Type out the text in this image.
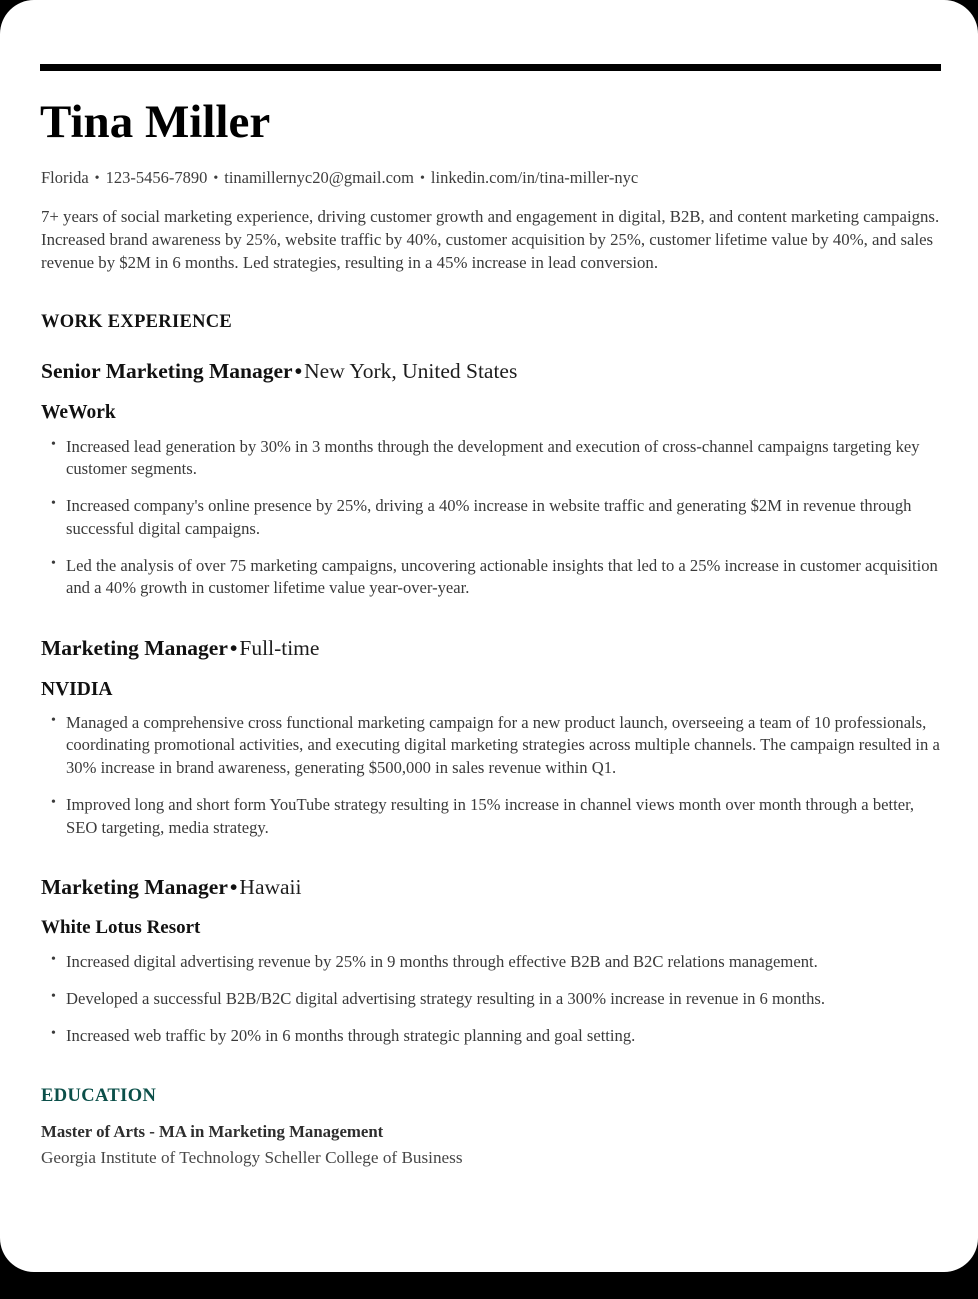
Tina Miller
Florida • 123-5456-7890 • tinamillernyc20@gmail.com • linkedin.com/in/tina-miller-nyc
7+ years of social marketing experience, driving customer growth and engagement in digital, B2B, and content marketing campaigns. Increased brand awareness by 25%, website traffic by 40%, customer acquisition by 25%, customer lifetime value by 40%, and sales revenue by $2M in 6 months. Led strategies, resulting in a 45% increase in lead conversion.
WORK EXPERIENCE
Senior Marketing Manager•New York, United States
WeWork
• Increased lead generation by 30% in 3 months through the development and execution of cross-channel campaigns targeting key customer segments.
• Increased company's online presence by 25%, driving a 40% increase in website traffic and generating $2M in revenue through successful digital campaigns.
• Led the analysis of over 75 marketing campaigns, uncovering actionable insights that led to a 25% increase in customer acquisition and a 40% growth in customer lifetime value year-over-year.
Marketing Manager•Full-time
NVIDIA
• Managed a comprehensive cross functional marketing campaign for a new product launch, overseeing a team of 10 professionals, coordinating promotional activities, and executing digital marketing strategies across multiple channels. The campaign resulted in a 30% increase in brand awareness, generating $500,000 in sales revenue within Q1.
• Improved long and short form YouTube strategy resulting in 15% increase in channel views month over month through a better, SEO targeting, media strategy.
Marketing Manager•Hawaii
White Lotus Resort
• Increased digital advertising revenue by 25% in 9 months through effective B2B and B2C relations management.
• Developed a successful B2B/B2C digital advertising strategy resulting in a 300% increase in revenue in 6 months.
• Increased web traffic by 20% in 6 months through strategic planning and goal setting.
EDUCATION
Master of Arts - MA in Marketing Management
Georgia Institute of Technology Scheller College of Business
